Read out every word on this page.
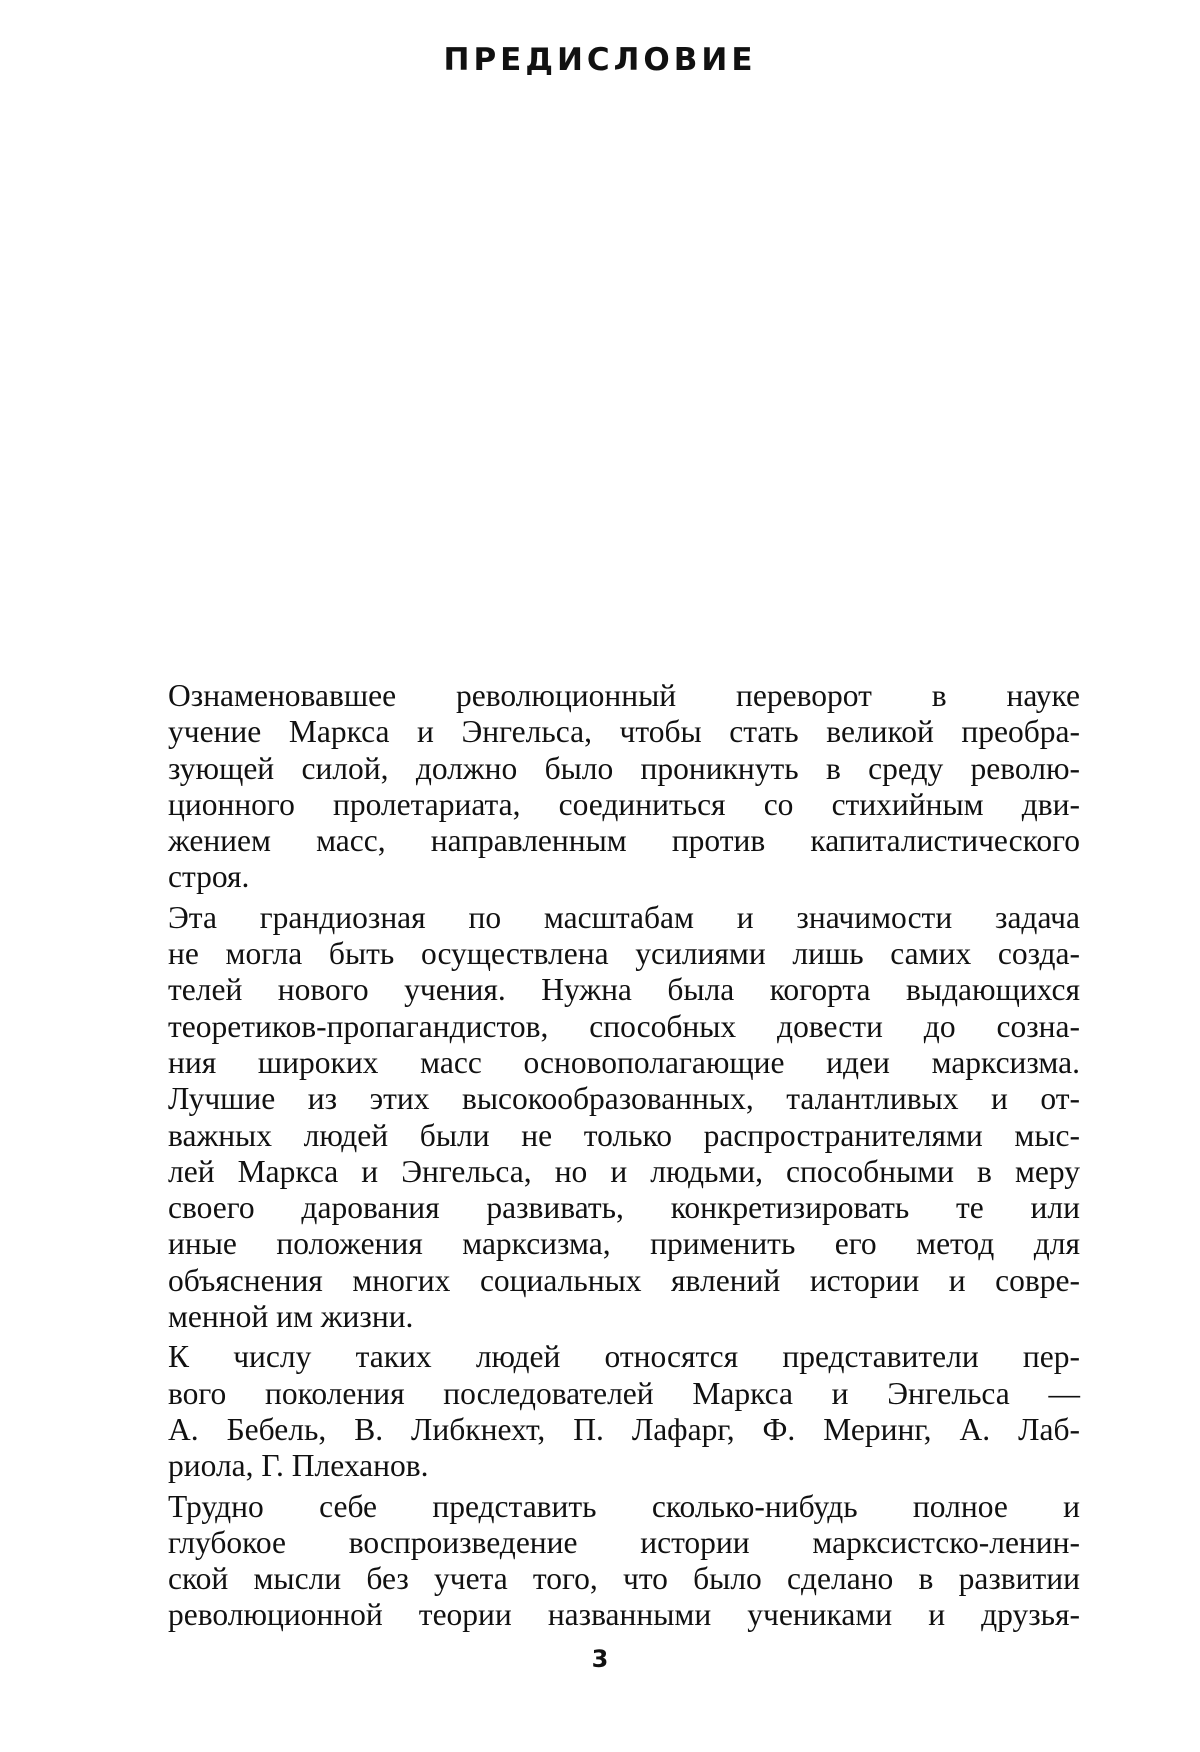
ПРЕДИСЛОВИЕ

Ознаменовавшее революционный переворот в науке
учение Маркса и Энгельса, чтобы стать великой преобра-
зующей силой, должно было проникнуть в среду револю-
ционного пролетариата, соединиться со стихийным дви-
жением масс, направленным против капиталистического
строя.

Эта грандиозная по масштабам и значимости задача
не могла быть осуществлена усилиями лишь самих созда-
телей нового учения. Нужна была когорта выдающихся
теоретиков-пропагандистов, способных довести до созна-
ния широких масс основополагающие идеи марксизма.
Лучшие из этих высокообразованных, талантливых и от-
важных людей были не только распространителями мыс-
лей Маркса и Энгельса, но и людьми, способными в меру
своего дарования развивать, конкретизировать те или
иные положения марксизма, применить его метод для
объяснения многих социальных явлений истории и совре-
менной им жизни.

К числу таких людей относятся представители пер-
вого поколения последователей Маркса и Энгельса —
А. Бебель, В. Либкнехт, П. Лафарг, Ф. Меринг, А. Лаб-
риола, Г. Плеханов.

Трудно себе представить сколько-нибудь полное и
глубокое воспроизведение истории марксистско-ленин-
ской мысли без учета того, что было сделано в развитии
революционной теории названными учениками и друзья-

3
